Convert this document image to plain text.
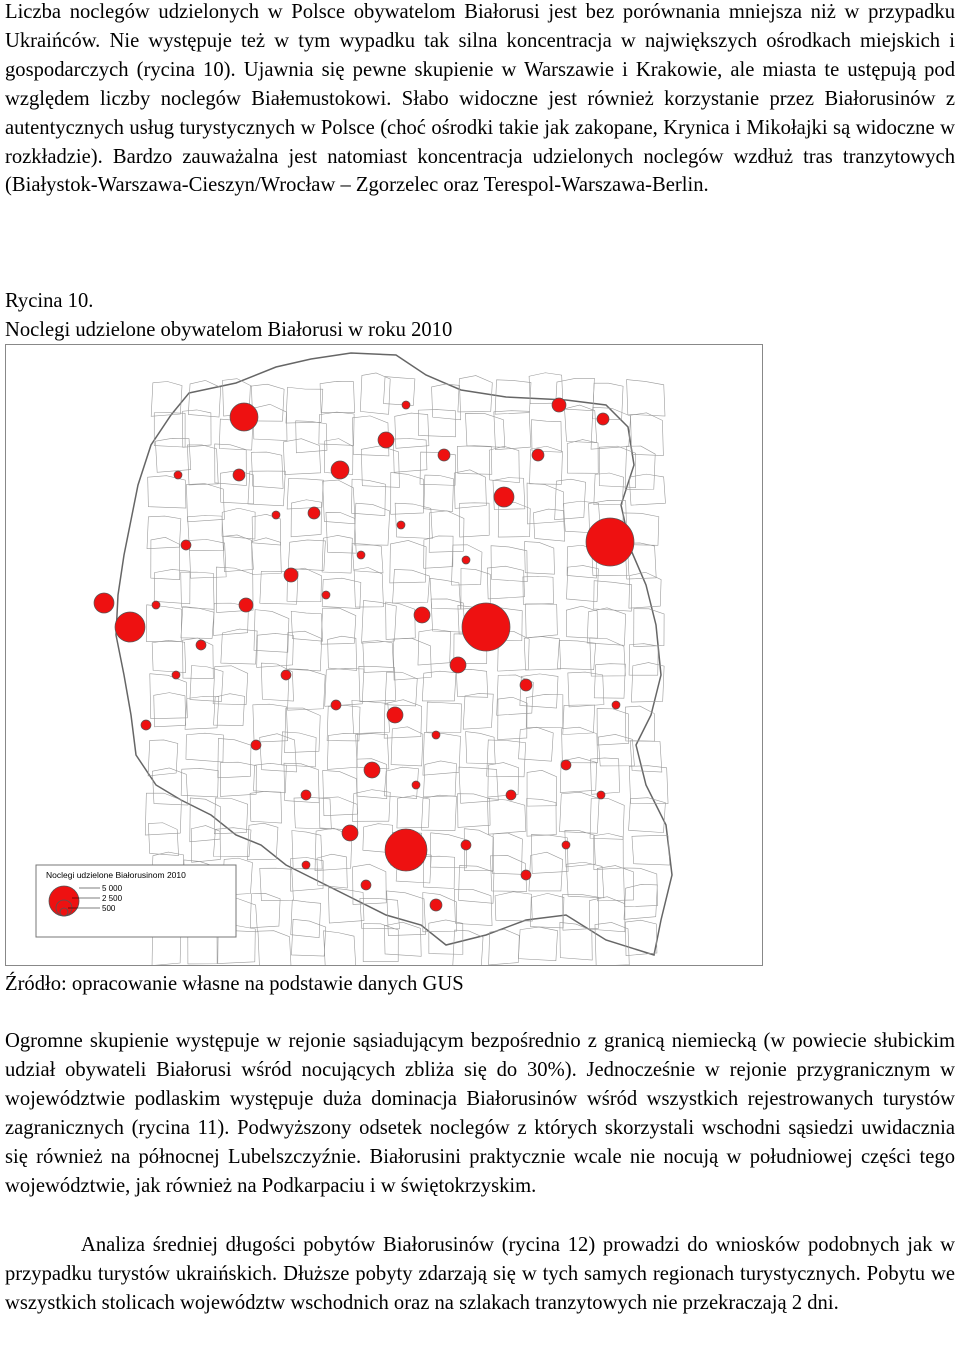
Liczba noclegów udzielonych w Polsce obywatelom Białorusi jest bez porównania mniejsza niż w przypadku Ukraińców. Nie występuje też w tym wypadku tak silna koncentracja w największych ośrodkach miejskich i gospodarczych (rycina 10). Ujawnia się pewne skupienie w Warszawie i Krakowie, ale miasta te ustępują pod względem liczby noclegów Białemustokowi. Słabo widoczne jest również korzystanie przez Białorusinów z autentycznych usług turystycznych w Polsce (choć ośrodki takie jak zakopane, Krynica i Mikołajki są widoczne w rozkładzie). Bardzo zauważalna jest natomiast koncentracja udzielonych noclegów wzdłuż tras tranzytowych (Białystok-Warszawa-Cieszyn/Wrocław – Zgorzelec oraz Terespol-Warszawa-Berlin.

Rycina 10.

Noclegi udzielone obywatelom Białorusi w roku 2010

Noclegi udzielone Białorusinom 2010
5 000
2 500
500

Źródło: opracowanie własne na podstawie danych GUS

Ogromne skupienie występuje w rejonie sąsiadującym bezpośrednio z granicą niemiecką (w powiecie słubickim udział obywateli Białorusi wśród nocujących zbliża się do 30%). Jednocześnie w rejonie przygranicznym w województwie podlaskim występuje duża dominacja Białorusinów wśród wszystkich rejestrowanych turystów zagranicznych (rycina 11). Podwyższony odsetek noclegów z których skorzystali wschodni sąsiedzi uwidacznia się również na północnej Lubelszczyźnie. Białorusini praktycznie wcale nie nocują w południowej części tego województwie, jak również na Podkarpaciu i w świętokrzyskim.

Analiza średniej długości pobytów Białorusinów (rycina 12) prowadzi do wniosków podobnych jak w przypadku turystów ukraińskich. Dłuższe pobyty zdarzają się w tych samych regionach turystycznych. Pobytu we wszystkich stolicach województw wschodnich oraz na szlakach tranzytowych nie przekraczają 2 dni.
